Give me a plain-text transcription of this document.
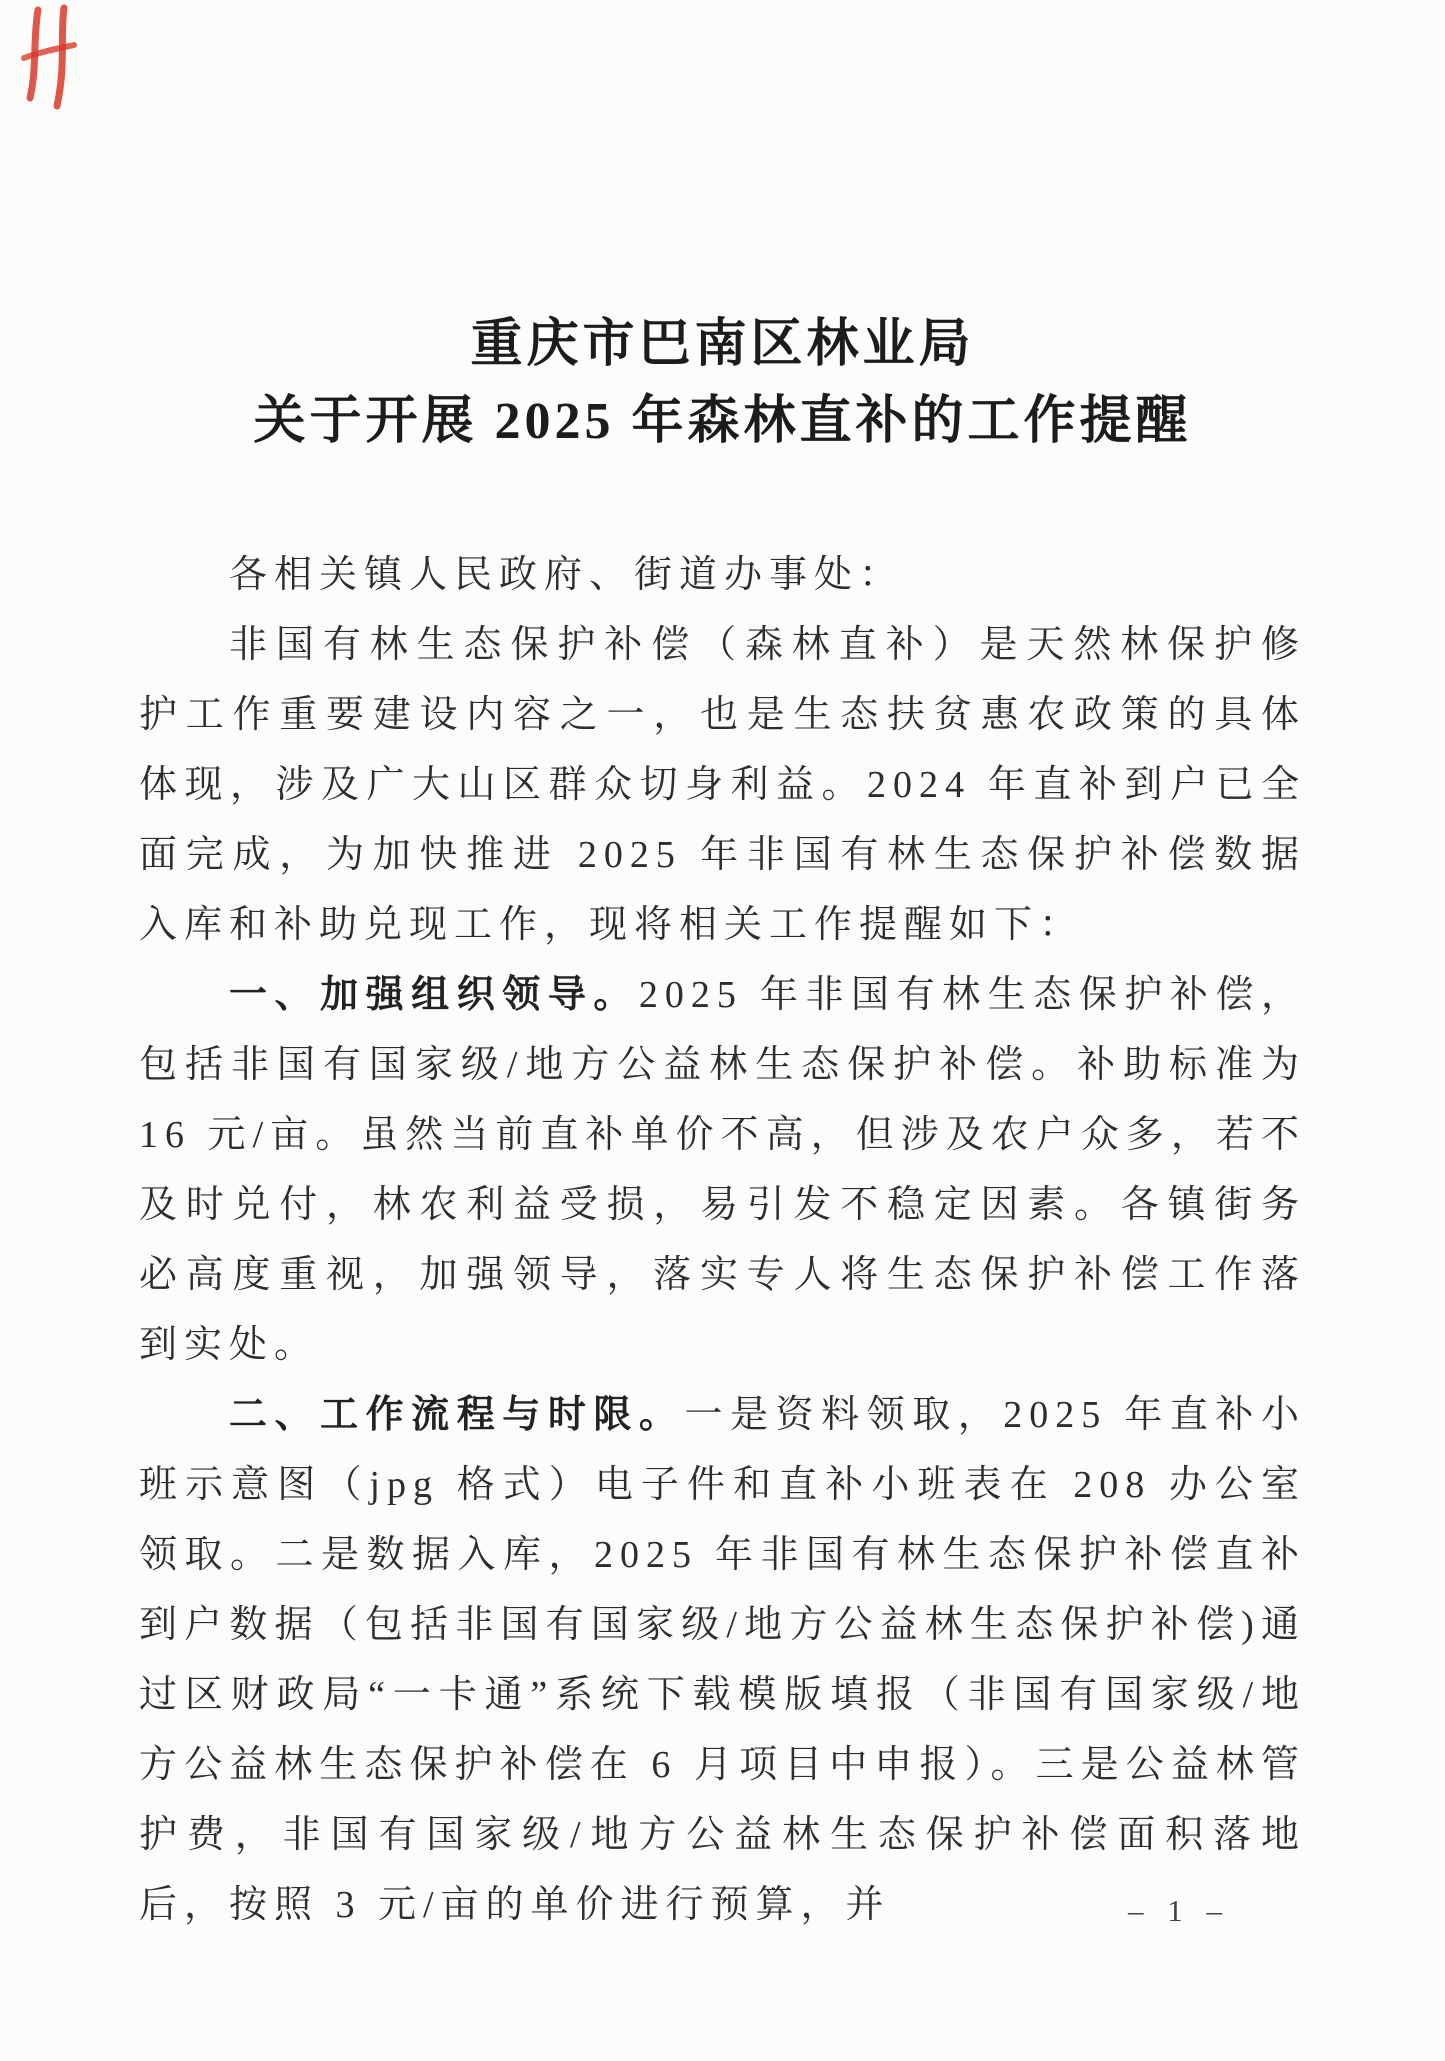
重庆市巴南区林业局
关于开展 2025 年森林直补的工作提醒

各相关镇人民政府、街道办事处：

非国有林生态保护补偿（森林直补）是天然林保护修护工作重要建设内容之一，也是生态扶贫惠农政策的具体体现，涉及广大山区群众切身利益。2024 年直补到户已全面完成，为加快推进 2025 年非国有林生态保护补偿数据入库和补助兑现工作，现将相关工作提醒如下：

一、加强组织领导。2025 年非国有林生态保护补偿，包括非国有国家级/地方公益林生态保护补偿。补助标准为 16 元/亩。虽然当前直补单价不高，但涉及农户众多，若不及时兑付，林农利益受损，易引发不稳定因素。各镇街务必高度重视，加强领导，落实专人将生态保护补偿工作落到实处。

二、工作流程与时限。一是资料领取，2025 年直补小班示意图（jpg 格式）电子件和直补小班表在 208 办公室领取。二是数据入库，2025 年非国有林生态保护补偿直补到户数据（包括非国有国家级/地方公益林生态保护补偿)通过区财政局“一卡通”系统下载模版填报（非国有国家级/地方公益林生态保护补偿在 6 月项目中申报）。三是公益林管护费，非国有国家级/地方公益林生态保护补偿面积落地后，按照 3 元/亩的单价进行预算，并	– 1 –
